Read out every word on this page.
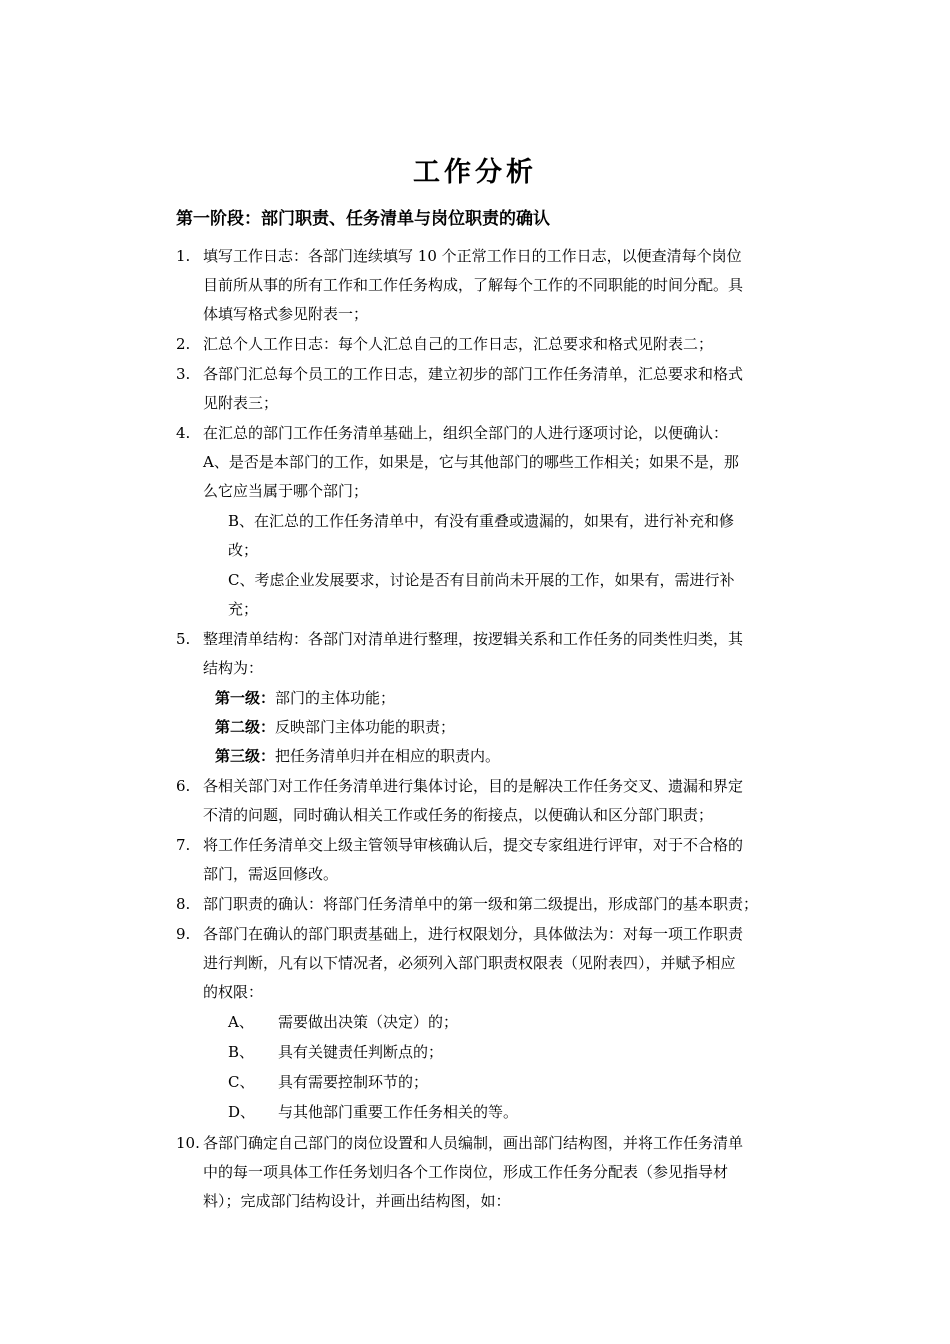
工作分析
第一阶段：部门职责、任务清单与岗位职责的确认
1. 填写工作日志：各部门连续填写 10 个正常工作日的工作日志，以便查清每个岗位
目前所从事的所有工作和工作任务构成，了解每个工作的不同职能的时间分配。具
体填写格式参见附表一；
2. 汇总个人工作日志：每个人汇总自己的工作日志，汇总要求和格式见附表二；
3. 各部门汇总每个员工的工作日志，建立初步的部门工作任务清单，汇总要求和格式
见附表三；
4. 在汇总的部门工作任务清单基础上，组织全部门的人进行逐项讨论，以便确认：
A、是否是本部门的工作，如果是，它与其他部门的哪些工作相关；如果不是，那
么它应当属于哪个部门；
B、在汇总的工作任务清单中，有没有重叠或遗漏的，如果有，进行补充和修
改；
C、考虑企业发展要求，讨论是否有目前尚未开展的工作，如果有，需进行补
充；
5. 整理清单结构：各部门对清单进行整理，按逻辑关系和工作任务的同类性归类，其
结构为：
第一级：部门的主体功能；
第二级：反映部门主体功能的职责；
第三级：把任务清单归并在相应的职责内。
6. 各相关部门对工作任务清单进行集体讨论，目的是解决工作任务交叉、遗漏和界定
不清的问题，同时确认相关工作或任务的衔接点，以便确认和区分部门职责；
7. 将工作任务清单交上级主管领导审核确认后，提交专家组进行评审，对于不合格的
部门，需返回修改。
8. 部门职责的确认：将部门任务清单中的第一级和第二级提出，形成部门的基本职责；
9. 各部门在确认的部门职责基础上，进行权限划分，具体做法为：对每一项工作职责
进行判断，凡有以下情况者，必须列入部门职责权限表（见附表四），并赋予相应
的权限：
A、 需要做出决策（决定）的；
B、 具有关键责任判断点的；
C、 具有需要控制环节的；
D、 与其他部门重要工作任务相关的等。
10. 各部门确定自己部门的岗位设置和人员编制，画出部门结构图，并将工作任务清单
中的每一项具体工作任务划归各个工作岗位，形成工作任务分配表（参见指导材
料）；完成部门结构设计，并画出结构图，如：
